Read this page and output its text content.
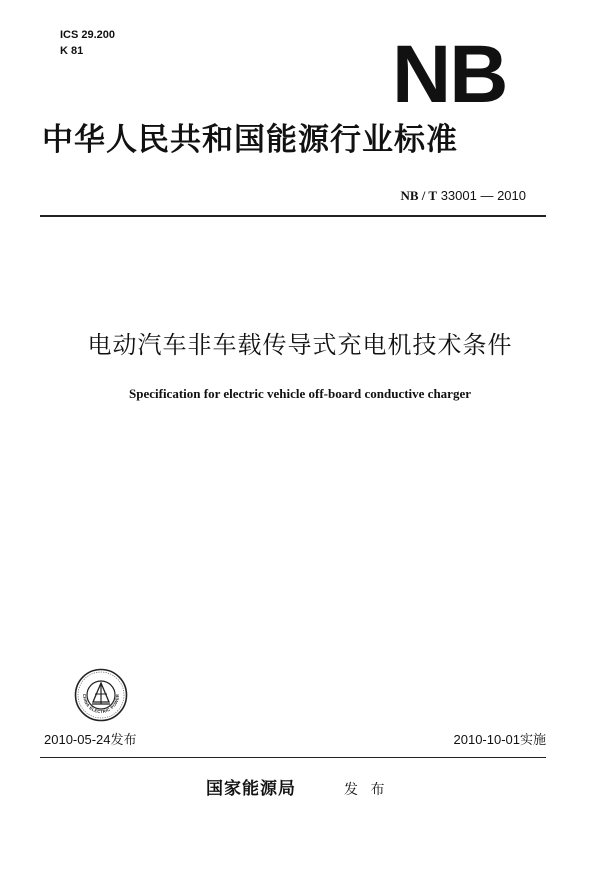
ICS 29.200
K 81	NB
中华人民共和国能源行业标准
NB / T 33001 — 2010
电动汽车非车载传导式充电机技术条件
Specification for electric vehicle off-board conductive charger
CHINA ELECTRIC POWER
2010-05-24发布	2010-10-01实施
国家能源局	发 布
